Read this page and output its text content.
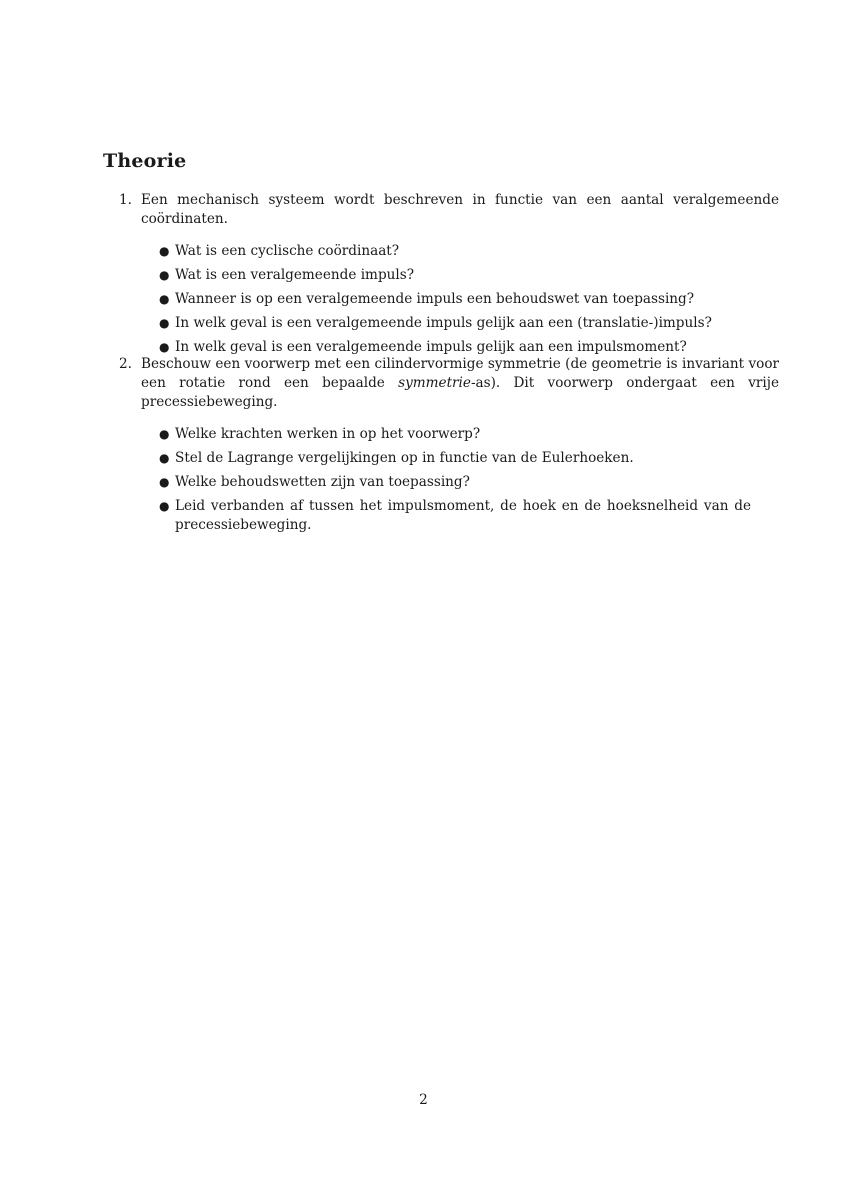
Theorie
1. Een mechanisch systeem wordt beschreven in functie van een aantal veralgemeende coördinaten.
● Wat is een cyclische coördinaat?
● Wat is een veralgemeende impuls?
● Wanneer is op een veralgemeende impuls een behoudswet van toepassing?
● In welk geval is een veralgemeende impuls gelijk aan een (translatie-)impuls?
● In welk geval is een veralgemeende impuls gelijk aan een impulsmoment?
2. Beschouw een voorwerp met een cilindervormige symmetrie (de geometrie is invariant voor een rotatie rond een bepaalde symmetrie-as). Dit voorwerp ondergaat een vrije precessiebeweging.
● Welke krachten werken in op het voorwerp?
● Stel de Lagrange vergelijkingen op in functie van de Eulerhoeken.
● Welke behoudswetten zijn van toepassing?
● Leid verbanden af tussen het impulsmoment, de hoek en de hoeksnelheid van de precessiebeweging.
2
